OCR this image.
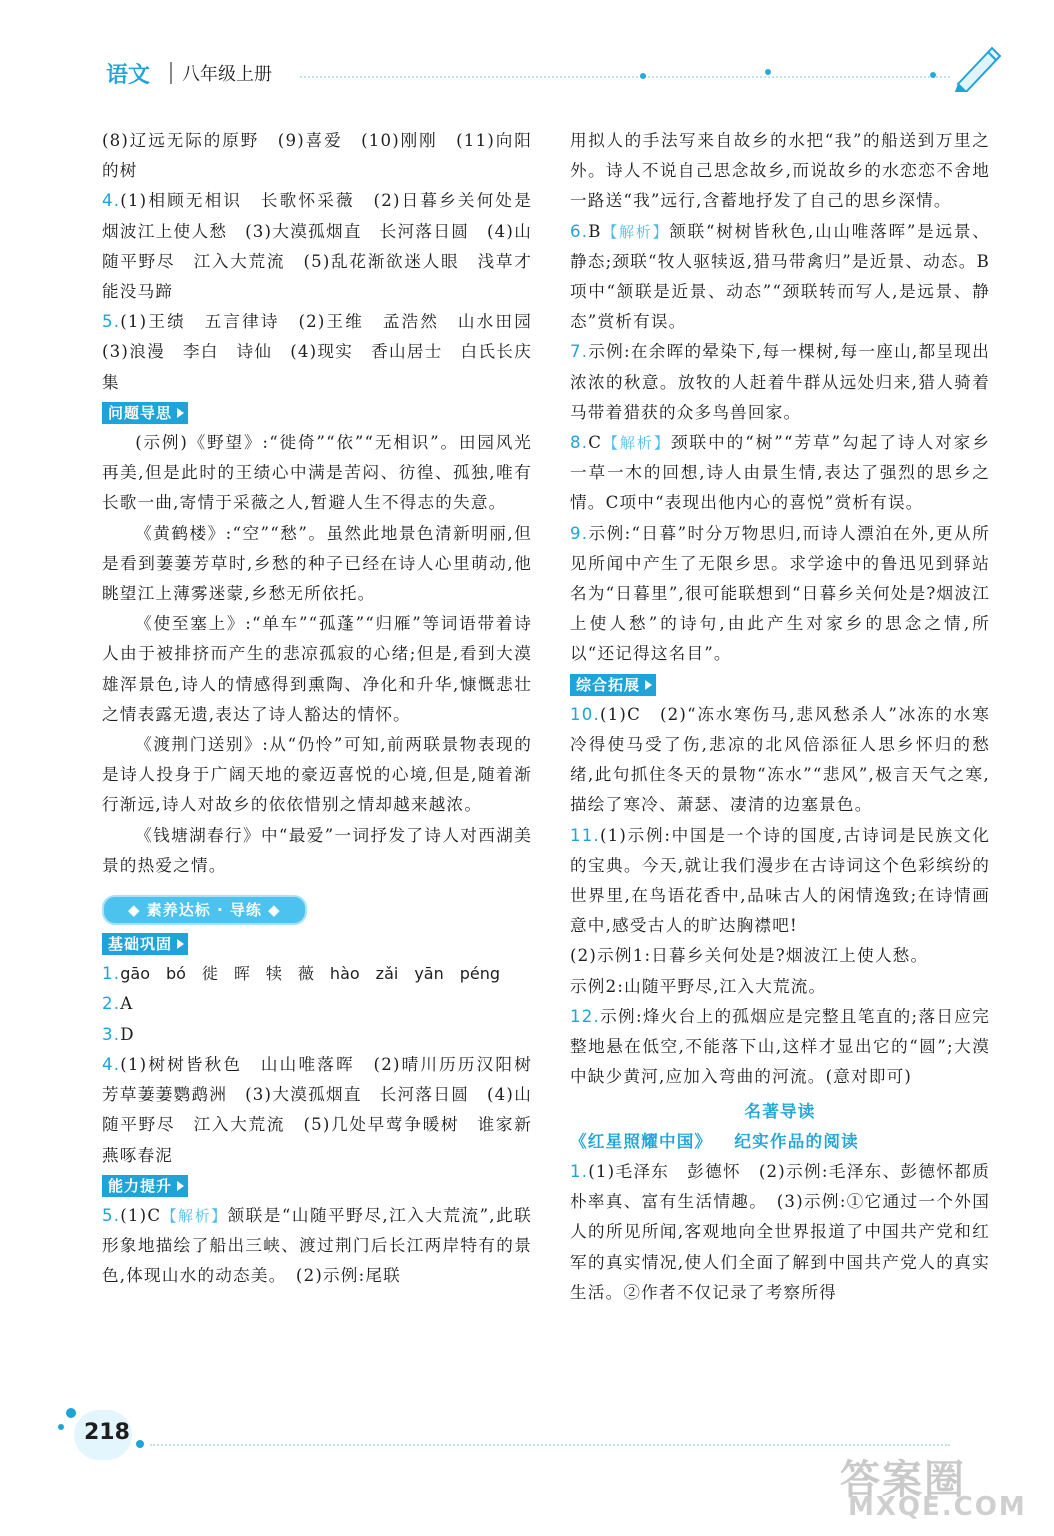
语文 八年级上册

(8)辽远无际的原野　(9)喜爱　(10)刚刚　(11)向阳的树

4.(1)相顾无相识　长歌怀采薇　(2)日暮乡关何处是　烟波江上使人愁　(3)大漠孤烟直　长河落日圆　(4)山随平野尽　江入大荒流　(5)乱花渐欲迷人眼　浅草才能没马蹄

5.(1)王绩　五言律诗　(2)王维　孟浩然　山水田园　(3)浪漫　李白　诗仙　(4)现实　香山居士　白氏长庆集

问题导思

(示例)《野望》:“徙倚”“依”“无相识”。田园风光再美,但是此时的王绩心中满是苦闷、彷徨、孤独,唯有长歌一曲,寄情于采薇之人,暂避人生不得志的失意。

《黄鹤楼》:“空”“愁”。虽然此地景色清新明丽,但是看到萋萋芳草时,乡愁的种子已经在诗人心里萌动,他眺望江上薄雾迷蒙,乡愁无所依托。

《使至塞上》:“单车”“孤蓬”“归雁”等词语带着诗人由于被排挤而产生的悲凉孤寂的心绪;但是,看到大漠雄浑景色,诗人的情感得到熏陶、净化和升华,慷慨悲壮之情表露无遗,表达了诗人豁达的情怀。

《渡荆门送别》:从“仍怜”可知,前两联景物表现的是诗人投身于广阔天地的豪迈喜悦的心境,但是,随着渐行渐远,诗人对故乡的依依惜别之情却越来越浓。

《钱塘湖春行》中“最爱”一词抒发了诗人对西湖美景的热爱之情。

◆ 素养达标 · 导练 ◆
基础巩固

1.gāo　bó　徙　晖　犊　薇　hào　zǎi　yān　péng

2.A

3.D

4.(1)树树皆秋色　山山唯落晖　(2)晴川历历汉阳树　芳草萋萋鹦鹉洲　(3)大漠孤烟直　长河落日圆　(4)山随平野尽　江入大荒流　(5)几处早莺争暖树　谁家新燕啄春泥

能力提升

5.(1)C【解析】颔联是“山随平野尽,江入大荒流”,此联形象地描绘了船出三峡、渡过荆门后长江两岸特有的景色,体现山水的动态美。　(2)示例:尾联

用拟人的手法写来自故乡的水把“我”的船送到万里之外。诗人不说自己思念故乡,而说故乡的水恋恋不舍地一路送“我”远行,含蓄地抒发了自己的思乡深情。

6.B【解析】颔联“树树皆秋色,山山唯落晖”是远景、静态;颈联“牧人驱犊返,猎马带禽归”是近景、动态。B项中“颔联是近景、动态”“颈联转而写人,是远景、静态”赏析有误。

7.示例:在余晖的晕染下,每一棵树,每一座山,都呈现出浓浓的秋意。放牧的人赶着牛群从远处归来,猎人骑着马带着猎获的众多鸟兽回家。

8.C【解析】颈联中的“树”“芳草”勾起了诗人对家乡一草一木的回想,诗人由景生情,表达了强烈的思乡之情。C项中“表现出他内心的喜悦”赏析有误。

9.示例:“日暮”时分万物思归,而诗人漂泊在外,更从所见所闻中产生了无限乡思。求学途中的鲁迅见到驿站名为“日暮里”,很可能联想到“日暮乡关何处是?烟波江上使人愁”的诗句,由此产生对家乡的思念之情,所以“还记得这名目”。

综合拓展

10.(1)C　(2)“冻水寒伤马,悲风愁杀人”冰冻的水寒冷得使马受了伤,悲凉的北风倍添征人思乡怀归的愁绪,此句抓住冬天的景物“冻水”“悲风”,极言天气之寒,描绘了寒冷、萧瑟、凄清的边塞景色。

11.(1)示例:中国是一个诗的国度,古诗词是民族文化的宝典。今天,就让我们漫步在古诗词这个色彩缤纷的世界里,在鸟语花香中,品味古人的闲情逸致;在诗情画意中,感受古人的旷达胸襟吧!

(2)示例1:日暮乡关何处是?烟波江上使人愁。

示例2:山随平野尽,江入大荒流。

12.示例:烽火台上的孤烟应是完整且笔直的;落日应完整地悬在低空,不能落下山,这样才显出它的“圆”;大漠中缺少黄河,应加入弯曲的河流。(意对即可)

名著导读

《红星照耀中国》 纪实作品的阅读

1.(1)毛泽东　彭德怀　(2)示例:毛泽东、彭德怀都质朴率真、富有生活情趣。　(3)示例:①它通过一个外国人的所见所闻,客观地向全世界报道了中国共产党和红军的真实情况,使人们全面了解到中国共产党人的真实生活。②作者不仅记录了考察所得

218
答案圈
MXQE.COM
